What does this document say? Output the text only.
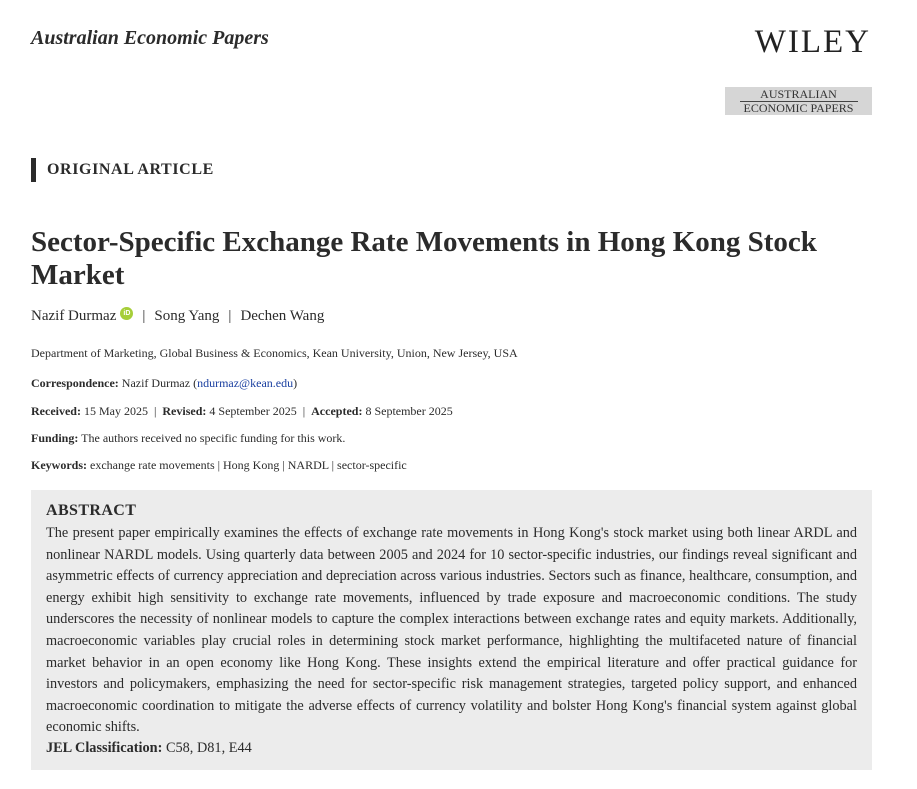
Australian Economic Papers	WILEY
AUSTRALIAN
ECONOMIC PAPERS
ORIGINAL ARTICLE
Sector-Specific Exchange Rate Movements in Hong Kong Stock Market
Nazif Durmaz	iD | Song Yang | Dechen Wang
Department of Marketing, Global Business & Economics, Kean University, Union, New Jersey, USA
Correspondence: Nazif Durmaz (ndurmaz@kean.edu)
Received: 15 May 2025 | Revised: 4 September 2025 | Accepted: 8 September 2025
Funding: The authors received no specific funding for this work.
Keywords: exchange rate movements | Hong Kong | NARDL | sector-specific
ABSTRACT

The present paper empirically examines the effects of exchange rate movements in Hong Kong's stock market using both linear ARDL and nonlinear NARDL models. Using quarterly data between 2005 and 2024 for 10 sector-specific industries, our findings reveal significant and asymmetric effects of currency appreciation and depreciation across various industries. Sectors such as finance, healthcare, consumption, and energy exhibit high sensitivity to exchange rate movements, influenced by trade exposure and macroeconomic conditions. The study underscores the necessity of nonlinear models to capture the complex interactions between exchange rates and equity markets. Additionally, macroeconomic variables play crucial roles in determining stock market performance, highlighting the multifaceted nature of financial market behavior in an open economy like Hong Kong. These insights extend the empirical literature and offer practical guidance for investors and policymakers, emphasizing the need for sector-specific risk management strategies, targeted policy support, and enhanced macroeconomic coordination to mitigate the adverse effects of currency volatility and bolster Hong Kong's financial system against global economic shifts.

JEL Classification: C58, D81, E44
